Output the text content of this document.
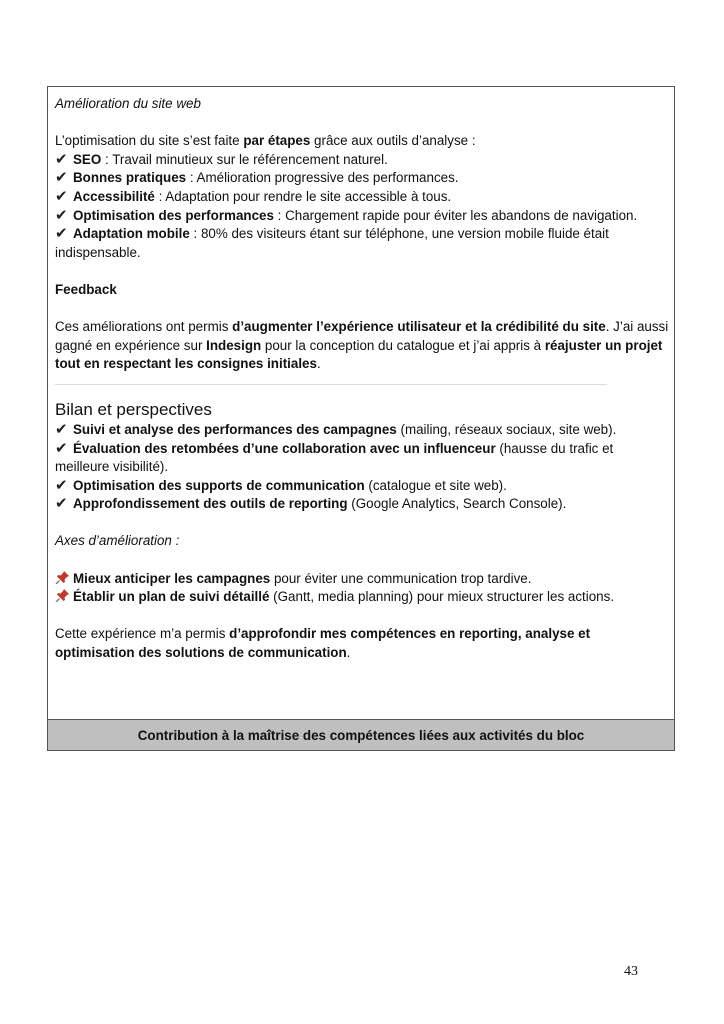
Amélioration du site web

L’optimisation du site s’est faite par étapes grâce aux outils d’analyse :

✔ SEO : Travail minutieux sur le référencement naturel.

✔ Bonnes pratiques : Amélioration progressive des performances.

✔ Accessibilité : Adaptation pour rendre le site accessible à tous.

✔ Optimisation des performances : Chargement rapide pour éviter les abandons de navigation.

✔ Adaptation mobile : 80% des visiteurs étant sur téléphone, une version mobile fluide était indispensable.

Feedback

Ces améliorations ont permis d’augmenter l’expérience utilisateur et la crédibilité du site. J’ai aussi gagné en expérience sur Indesign pour la conception du catalogue et j’ai appris à réajuster un projet tout en respectant les consignes initiales.

Bilan et perspectives

✔ Suivi et analyse des performances des campagnes (mailing, réseaux sociaux, site web).

✔ Évaluation des retombées d’une collaboration avec un influenceur (hausse du trafic et meilleure visibilité).

✔ Optimisation des supports de communication (catalogue et site web).

✔ Approfondissement des outils de reporting (Google Analytics, Search Console).

Axes d’amélioration :

Mieux anticiper les campagnes pour éviter une communication trop tardive.

Établir un plan de suivi détaillé (Gantt, media planning) pour mieux structurer les actions.

Cette expérience m’a permis d’approfondir mes compétences en reporting, analyse et optimisation des solutions de communication.

Contribution à la maîtrise des compétences liées aux activités du bloc
43
